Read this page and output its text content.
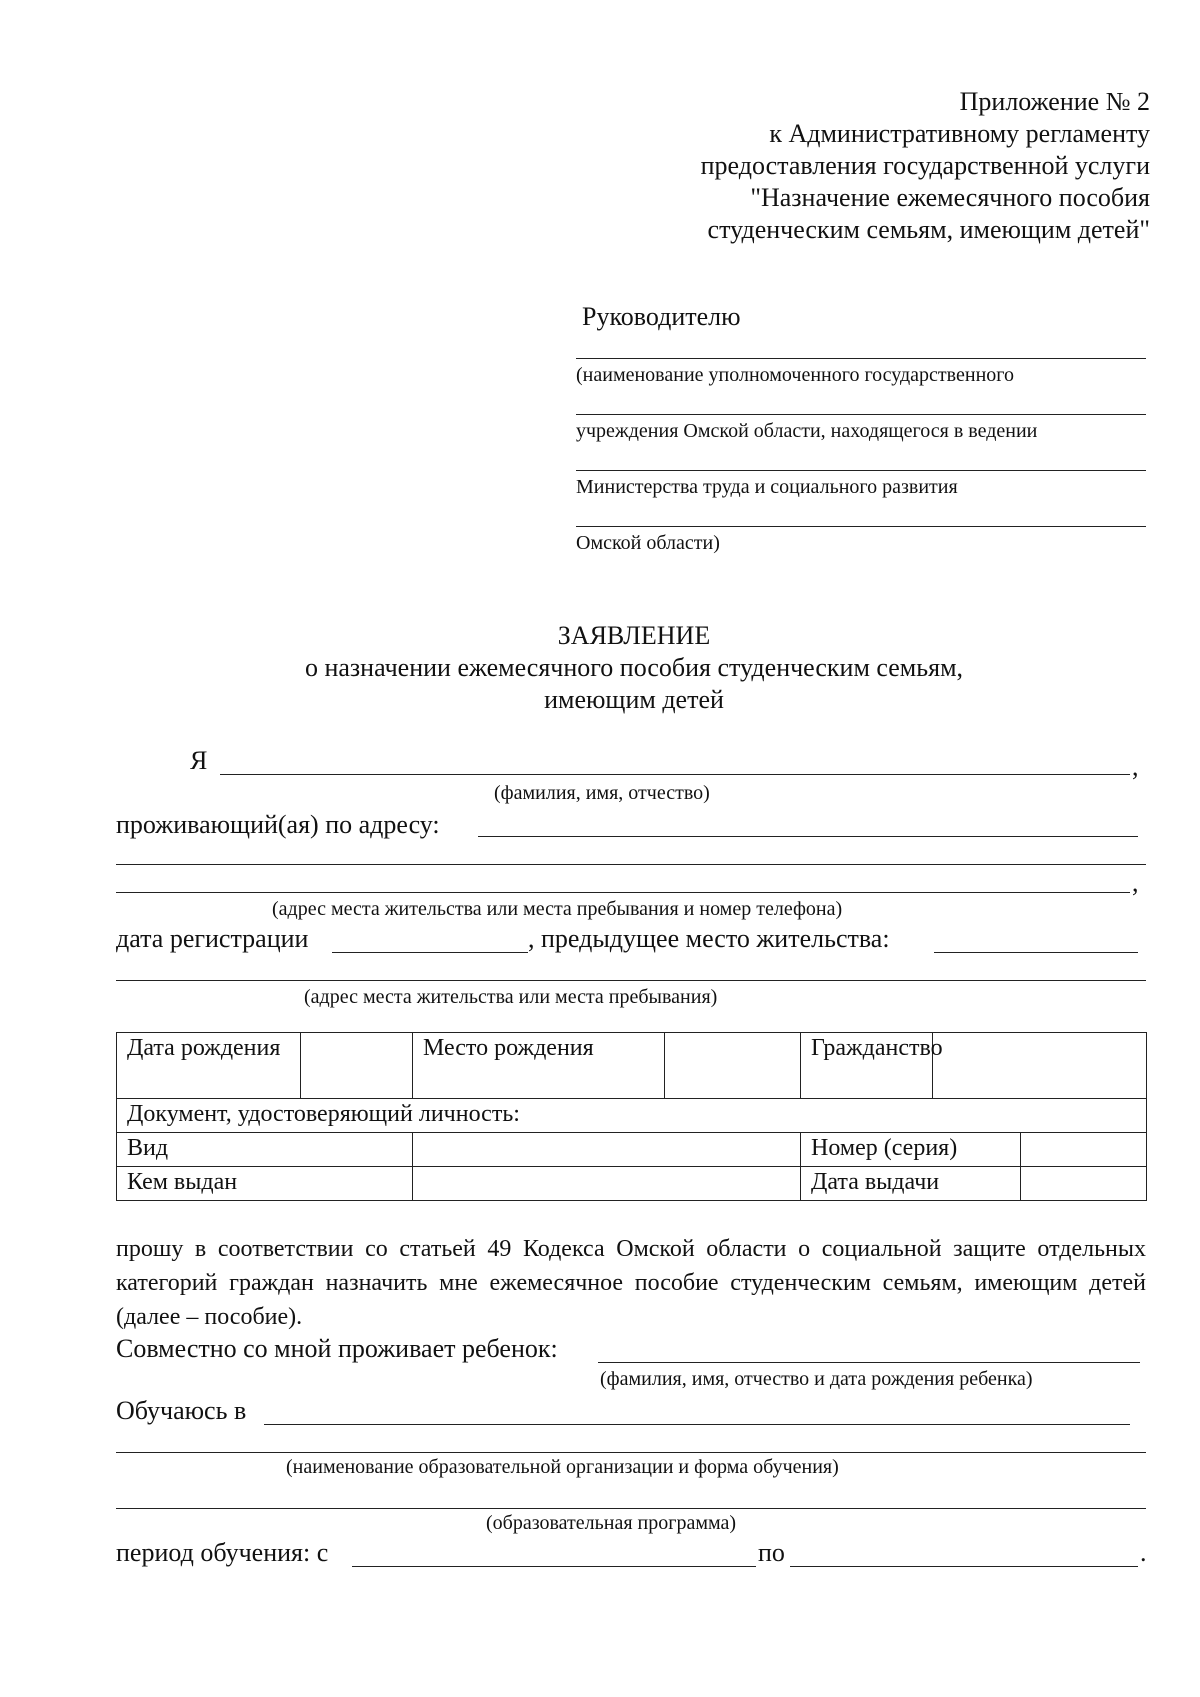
Приложение № 2
к Административному регламенту
предоставления государственной услуги
"Назначение ежемесячного пособия
студенческим семьям, имеющим детей"
Руководителю
(наименование уполномоченного государственного
учреждения Омской области, находящегося в ведении
Министерства труда и социального развития
Омской области)
ЗАЯВЛЕНИЕ
о назначении ежемесячного пособия студенческим семьям,
имеющим детей
Я	,
(фамилия, имя, отчество)
проживающий(ая) по адресу:
,
(адрес места жительства или места пребывания и номер телефона)
дата регистрации	, предыдущее место жительства:
(адрес места жительства или места пребывания)
Дата рождения		Место рождения		Гражданство		
Документ, удостоверяющий личность:						
Вид				Номер (серия)		
Кем выдан				Дата выдачи		

прошу в соответствии со статьей 49 Кодекса Омской области о социальной защите отдельных категорий граждан назначить мне ежемесячное пособие студенческим семьям, имеющим детей (далее – пособие).

Совместно со мной проживает ребенок:
(фамилия, имя, отчество и дата рождения ребенка)
Обучаюсь в
(наименование образовательной организации и форма обучения)
(образовательная программа)
период обучения: с	по	.
